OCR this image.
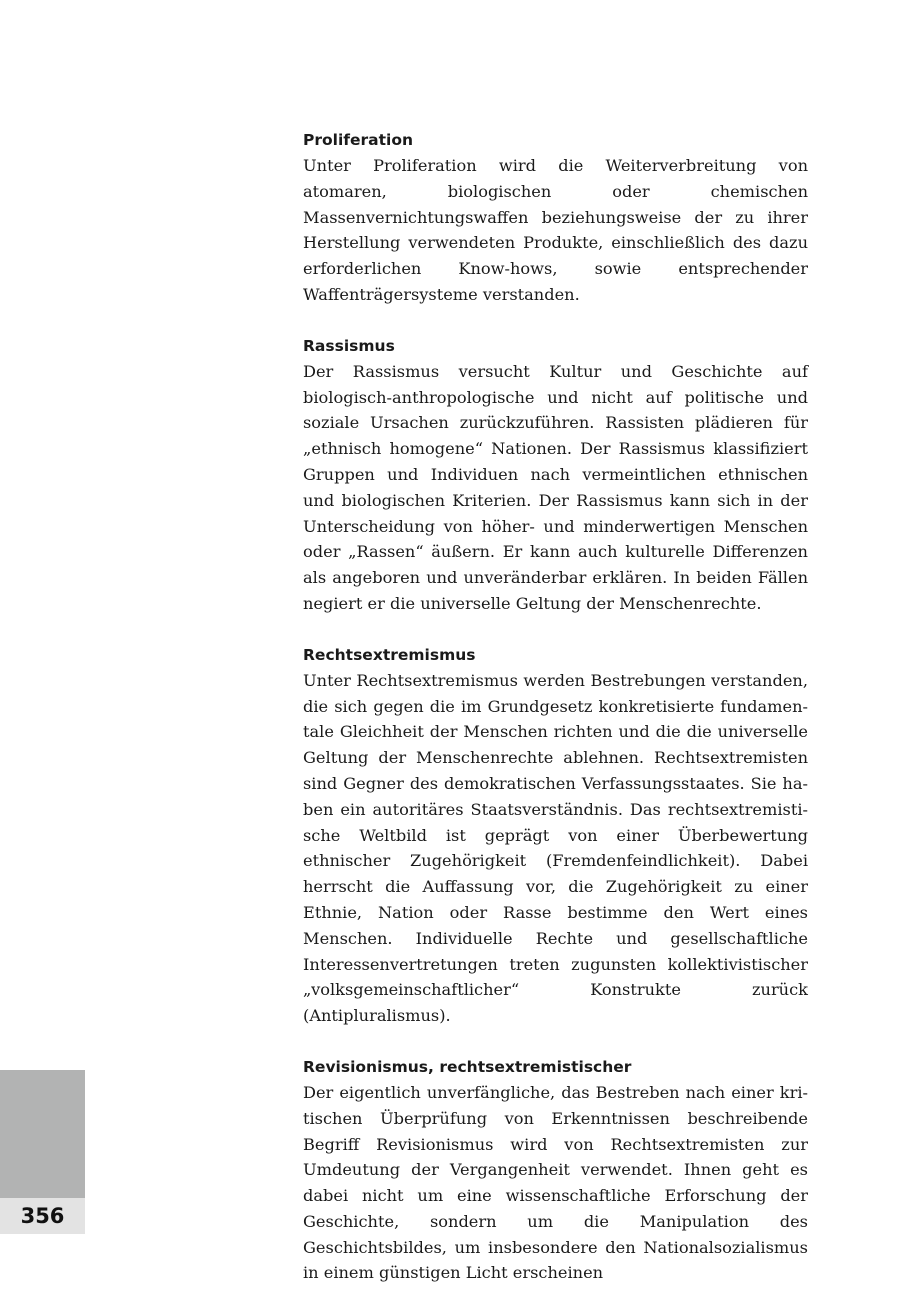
Proliferation

Unter Proliferation wird die Weiterverbreitung von atomaren, biologischen oder chemischen Massenvernichtungswaffen beziehungsweise der zu ihrer Herstellung verwendeten Produkte, einschließlich des dazu erforderlichen Know-hows, sowie entsprechender Waffenträgersysteme verstanden.

Rassismus

Der Rassismus versucht Kultur und Geschichte auf biologisch-anthropologische und nicht auf politische und soziale Ursachen zurückzuführen. Rassisten plädieren für „ethnisch homogene“ Nationen. Der Rassismus klassifiziert Gruppen und Individuen nach vermeintlichen ethnischen und biologischen Kriterien. Der Rassismus kann sich in der Unterscheidung von höher- und minderwertigen Menschen oder „Rassen“ äußern. Er kann auch kulturelle Differenzen als angeboren und unveränderbar erklären. In beiden Fällen negiert er die universelle Geltung der Menschenrechte.

Rechtsextremismus

Unter Rechtsextremismus werden Bestrebungen verstanden, die sich gegen die im Grundgesetz konkretisierte fundamentale Gleichheit der Menschen richten und die die universelle Geltung der Menschenrechte ablehnen. Rechtsextremisten sind Gegner des demokratischen Verfassungsstaates. Sie haben ein autoritäres Staatsverständnis. Das rechtsextremistische Weltbild ist geprägt von einer Überbewertung ethnischer Zugehörigkeit (Fremdenfeindlichkeit). Dabei herrscht die Auffassung vor, die Zugehörigkeit zu einer Ethnie, Nation oder Rasse bestimme den Wert eines Menschen. Individuelle Rechte und gesellschaftliche Interessenvertretungen treten zugunsten kollektivistischer „volksgemeinschaftlicher“ Konstrukte zurück (Antipluralismus).

Revisionismus, rechtsextremistischer

Der eigentlich unverfängliche, das Bestreben nach einer kritischen Überprüfung von Erkenntnissen beschreibende Begriff Revisionismus wird von Rechtsextremisten zur Umdeutung der Vergangenheit verwendet. Ihnen geht es dabei nicht um eine wissenschaftliche Erforschung der Geschichte, sondern um die Manipulation des Geschichtsbildes, um insbesondere den Nationalsozialismus in einem günstigen Licht erscheinen

356
